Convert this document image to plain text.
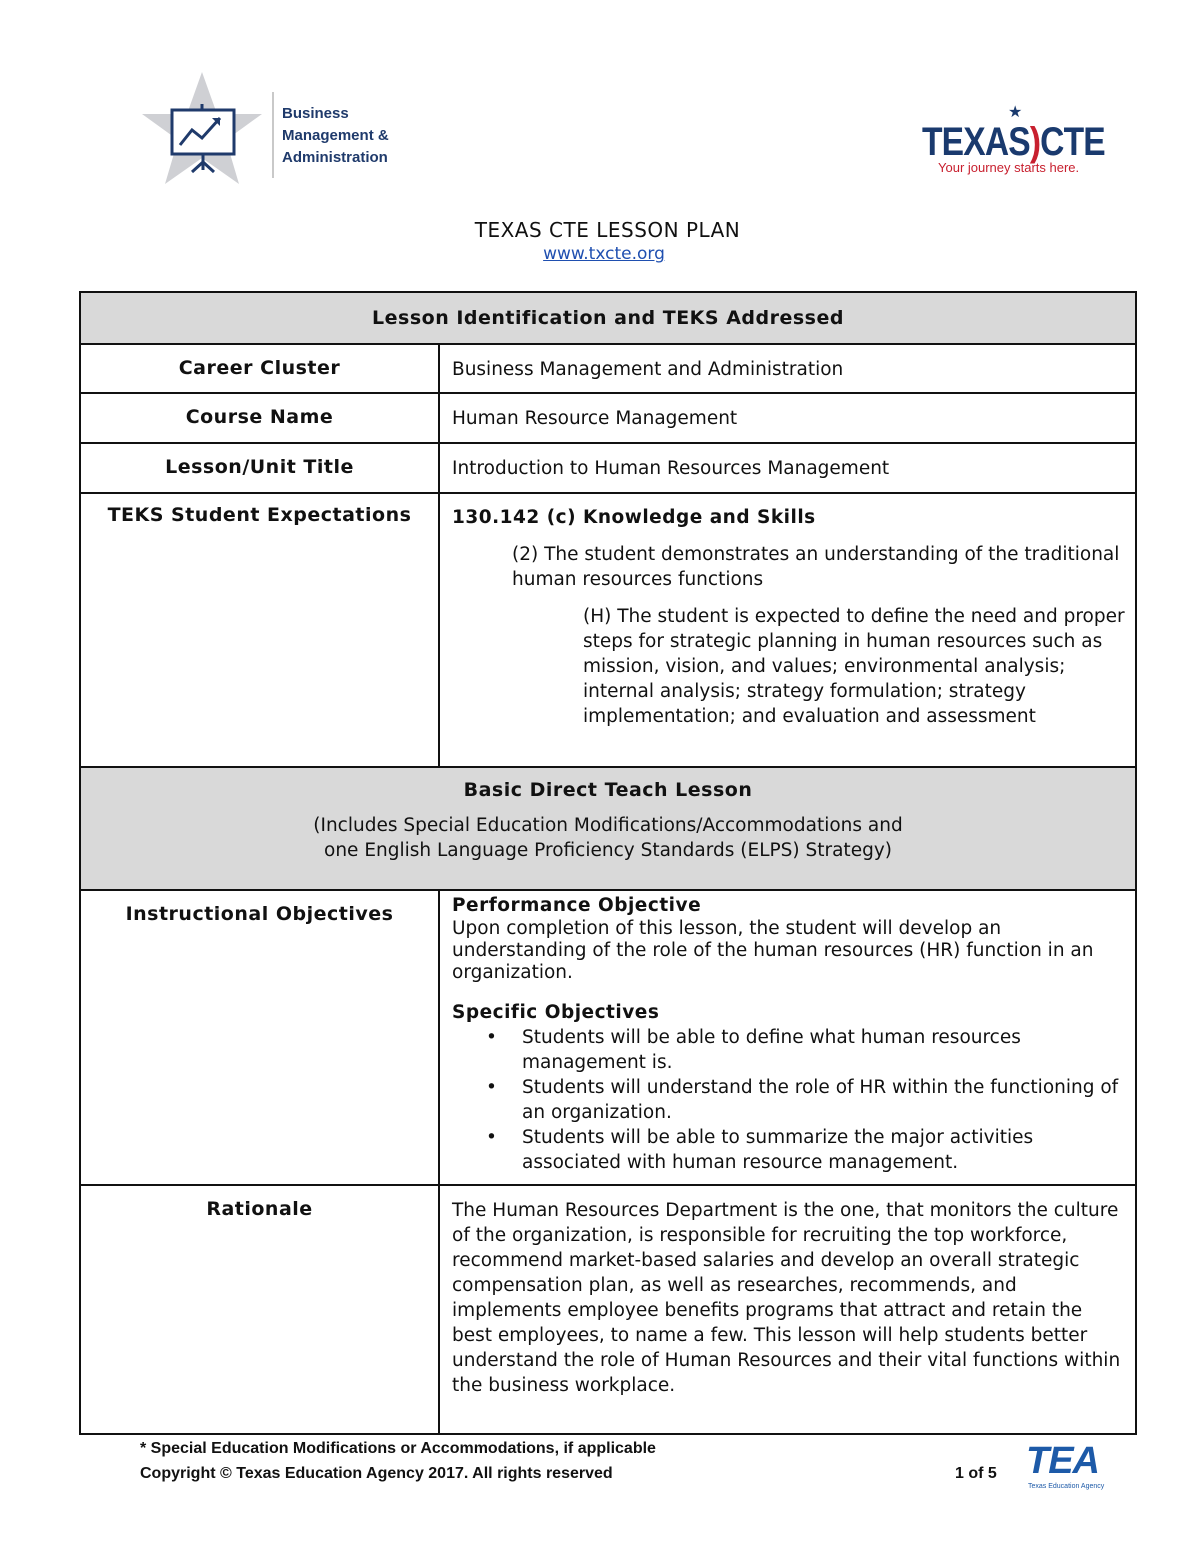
Business
Management &
Administration
★
TEXAS)CTE
Your journey starts here.
TEXAS CTE LESSON PLAN
www.txcte.org
Lesson Identification and TEKS Addressed
Career Cluster	Business Management and Administration
Course Name	Human Resource Management
Lesson/Unit Title	Introduction to Human Resources Management
TEKS Student Expectations	130.142 (c) Knowledge and Skills
(2) The student demonstrates an understanding of the traditional human resources functions
(H) The student is expected to define the need and proper steps for strategic planning in human resources such as mission, vision, and values; environmental analysis; internal analysis; strategy formulation; strategy implementation; and evaluation and assessment
Basic Direct Teach Lesson
(Includes Special Education Modifications/Accommodations and
one English Language Proficiency Standards (ELPS) Strategy)
Instructional Objectives	Performance Objective
Upon completion of this lesson, the student will develop an understanding of the role of the human resources (HR) function in an organization.
Specific Objectives
• Students will be able to define what human resources management is.
• Students will understand the role of HR within the functioning of an organization.
• Students will be able to summarize the major activities associated with human resource management.
Rationale	The Human Resources Department is the one, that monitors the culture of the organization, is responsible for recruiting the top workforce, recommend market-based salaries and develop an overall strategic compensation plan, as well as researches, recommends, and implements employee benefits programs that attract and retain the best employees, to name a few. This lesson will help students better understand the role of Human Resources and their vital functions within the business workplace.
* Special Education Modifications or Accommodations, if applicable
Copyright © Texas Education Agency 2017. All rights reserved	1 of 5 TEA
Texas Education Agency
